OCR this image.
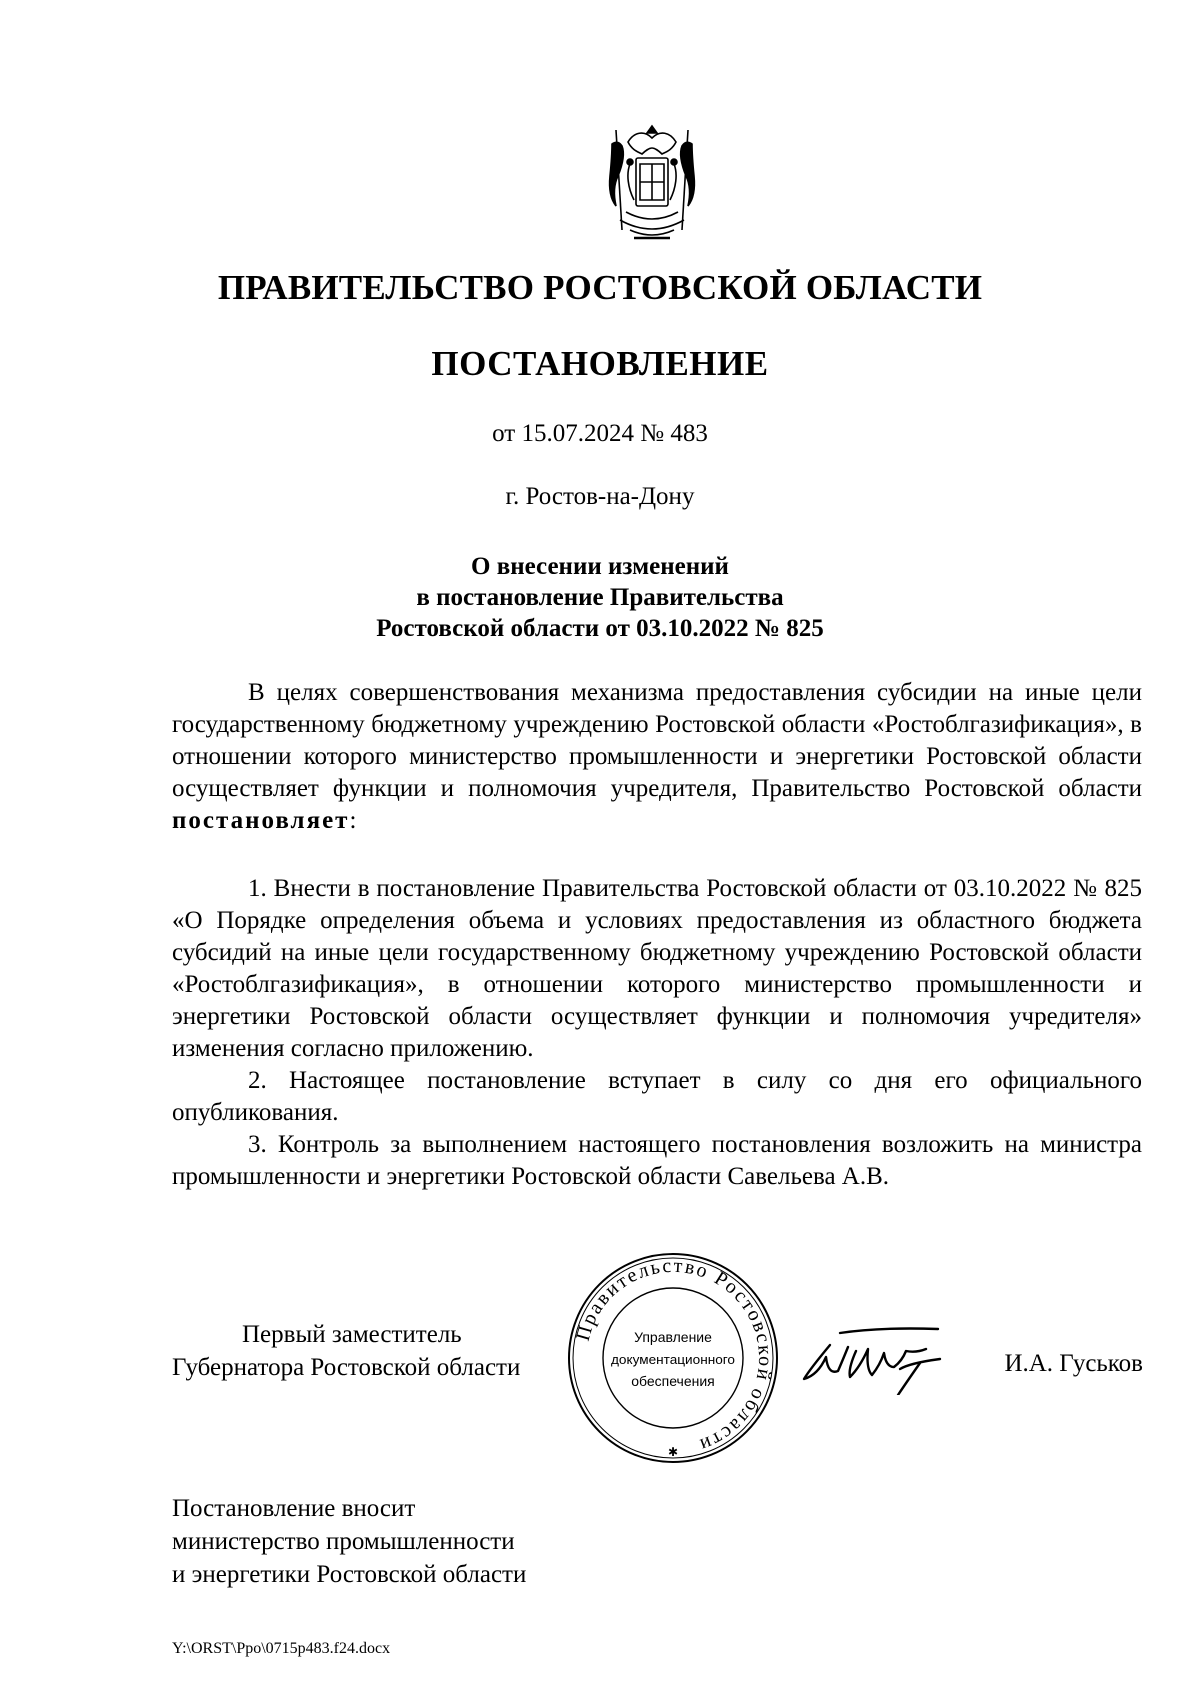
ПРАВИТЕЛЬСТВО РОСТОВСКОЙ ОБЛАСТИ
ПОСТАНОВЛЕНИЕ
от 15.07.2024 № 483
г. Ростов-на-Дону
О внесении изменений
в постановление Правительства
Ростовской области от 03.10.2022 № 825

В целях совершенствования механизма предоставления субсидии на иные цели государственному бюджетному учреждению Ростовской области «Ростоблгазификация», в отношении которого министерство промышленности и энергетики Ростовской области осуществляет функции и полномочия учредителя, Правительство Ростовской области постановляет:

1. Внести в постановление Правительства Ростовской области от 03.10.2022 № 825 «О Порядке определения объема и условиях предоставления из областного бюджета субсидий на иные цели государственному бюджетному учреждению Ростовской области «Ростоблгазификация», в отношении которого министерство промышленности и энергетики Ростовской области осуществляет функции и полномочия учредителя» изменения согласно приложению.

2. Настоящее постановление вступает в силу со дня его официального опубликования.

3. Контроль за выполнением настоящего постановления возложить на министра промышленности и энергетики Ростовской области Савельева А.В.

Первый заместитель
Губернатора Ростовской области
Правительство Ростовской области
Управление
документационного
обеспечения
✱
И.А. Гуськов
Постановление вносит
министерство промышленности
и энергетики Ростовской области
Y:\ORST\Ppo\0715p483.f24.docx
